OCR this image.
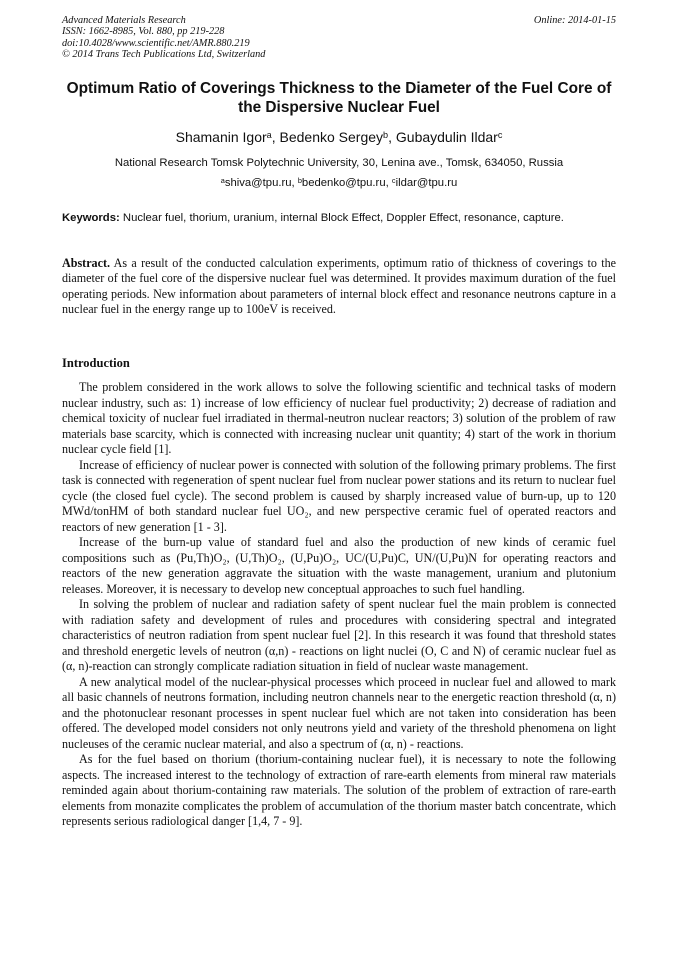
Advanced Materials Research
ISSN: 1662-8985, Vol. 880, pp 219-228
doi:10.4028/www.scientific.net/AMR.880.219
© 2014 Trans Tech Publications Ltd, Switzerland
Online: 2014-01-15
Optimum Ratio of Coverings Thickness to the Diameter of the Fuel Core of the Dispersive Nuclear Fuel
Shamanin Igor$^a$, Bedenko Sergey$^b$, Gubaydulin Ildar$^c$
National Research Tomsk Polytechnic University, 30, Lenina ave., Tomsk, 634050, Russia
$^a$shiva@tpu.ru, $^b$bedenko@tpu.ru, $^c$ildar@tpu.ru
Keywords: Nuclear fuel, thorium, uranium, internal Block Effect, Doppler Effect, resonance, capture.
Abstract. As a result of the conducted calculation experiments, optimum ratio of thickness of coverings to the diameter of the fuel core of the dispersive nuclear fuel was determined. It provides maximum duration of the fuel operating periods. New information about parameters of internal block effect and resonance neutrons capture in a nuclear fuel in the energy range up to 100eV is received.
Introduction

The problem considered in the work allows to solve the following scientific and technical tasks of modern nuclear industry, such as: 1) increase of low efficiency of nuclear fuel productivity; 2) decrease of radiation and chemical toxicity of nuclear fuel irradiated in thermal-neutron nuclear reactors; 3) solution of the problem of raw materials base scarcity, which is connected with increasing nuclear unit quantity; 4) start of the work in thorium nuclear cycle field [1].

Increase of efficiency of nuclear power is connected with solution of the following primary problems. The first task is connected with regeneration of spent nuclear fuel from nuclear power stations and its return to nuclear fuel cycle (the closed fuel cycle). The second problem is caused by sharply increased value of burn-up, up to 120 MWd/tonHM of both standard nuclear fuel UO₂, and new perspective ceramic fuel of operated reactors and reactors of new generation [1 - 3].

Increase of the burn-up value of standard fuel and also the production of new kinds of ceramic fuel compositions such as (Pu,Th)O₂, (U,Th)O₂, (U,Pu)O₂, UC/(U,Pu)C, UN/(U,Pu)N for operating reactors and reactors of the new generation aggravate the situation with the waste management, uranium and plutonium releases. Moreover, it is necessary to develop new conceptual approaches to such fuel handling.

In solving the problem of nuclear and radiation safety of spent nuclear fuel the main problem is connected with radiation safety and development of rules and procedures with considering spectral and integrated characteristics of neutron radiation from spent nuclear fuel [2]. In this research it was found that threshold states and threshold energetic levels of neutron (α,n) - reactions on light nuclei (O, C and N) of ceramic nuclear fuel as (α, n)-reaction can strongly complicate radiation situation in field of nuclear waste management.

A new analytical model of the nuclear-physical processes which proceed in nuclear fuel and allowed to mark all basic channels of neutrons formation, including neutron channels near to the energetic reaction threshold (α, n) and the photonuclear resonant processes in spent nuclear fuel which are not taken into consideration has been offered. The developed model considers not only neutrons yield and variety of the threshold phenomena on light nucleuses of the ceramic nuclear material, and also a spectrum of (α, n) - reactions.

As for the fuel based on thorium (thorium-containing nuclear fuel), it is necessary to note the following aspects. The increased interest to the technology of extraction of rare-earth elements from mineral raw materials reminded again about thorium-containing raw materials. The solution of the problem of extraction of rare-earth elements from monazite complicates the problem of accumulation of the thorium master batch concentrate, which represents serious radiological danger [1,4, 7 - 9].
